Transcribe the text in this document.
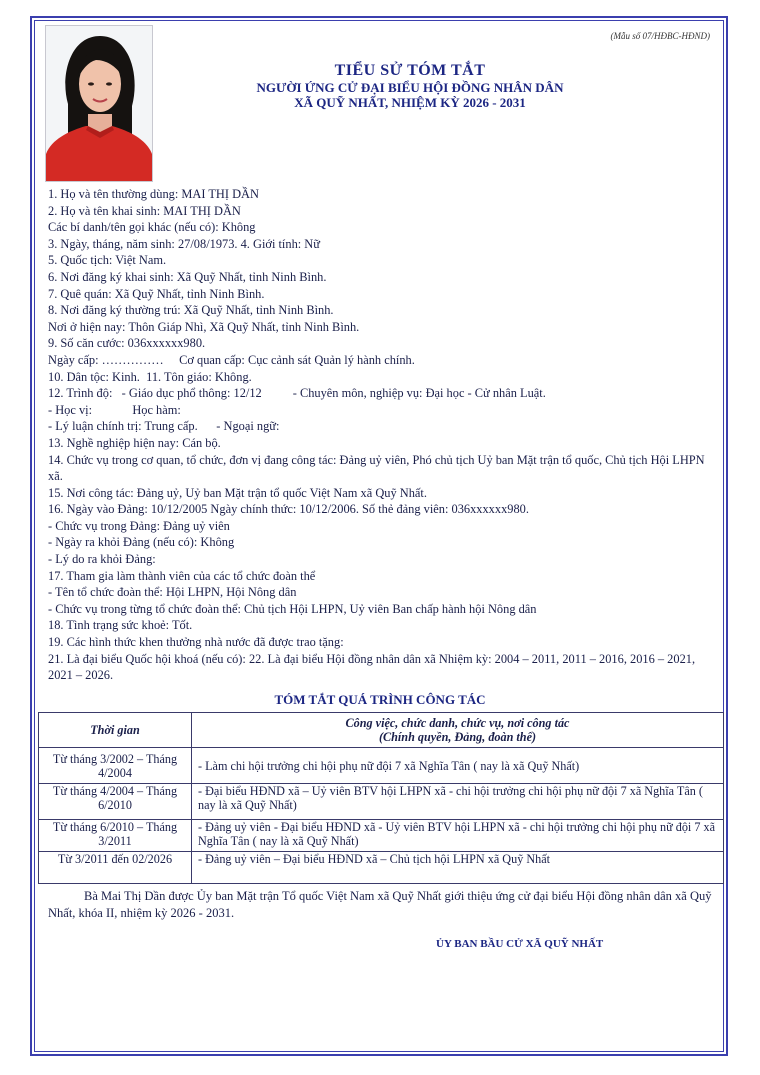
(Mẫu số 07/HĐBC-HĐND)
TIỂU SỬ TÓM TẮT
NGƯỜI ỨNG CỬ ĐẠI BIỂU HỘI ĐỒNG NHÂN DÂN
XÃ QUỸ NHẤT, NHIỆM KỲ 2026 - 2031

1. Họ và tên thường dùng: MAI THỊ DẦN

2. Họ và tên khai sinh: MAI THỊ DẦN

Các bí danh/tên gọi khác (nếu có): Không

3. Ngày, tháng, năm sinh: 27/08/1973. 4. Giới tính: Nữ

5. Quốc tịch: Việt Nam.

6. Nơi đăng ký khai sinh: Xã Quỹ Nhất, tỉnh Ninh Bình.

7. Quê quán: Xã Quỹ Nhất, tỉnh Ninh Bình.

8. Nơi đăng ký thường trú: Xã Quỹ Nhất, tỉnh Ninh Bình.

Nơi ở hiện nay: Thôn Giáp Nhì, Xã Quỹ Nhất, tỉnh Ninh Bình.

9. Số căn cước: 036xxxxxx980.

Ngày cấp: ……………     Cơ quan cấp: Cục cảnh sát Quản lý hành chính.

10. Dân tộc: Kinh.  11. Tôn giáo: Không.

12. Trình độ:   - Giáo dục phổ thông: 12/12          - Chuyên môn, nghiệp vụ: Đại học - Cử nhân Luật.

- Học vị:             Học hàm:

- Lý luận chính trị: Trung cấp.      - Ngoại ngữ:

13. Nghề nghiệp hiện nay: Cán bộ.

14. Chức vụ trong cơ quan, tổ chức, đơn vị đang công tác: Đảng uỷ viên, Phó chủ tịch Uỷ ban Mặt trận tổ quốc, Chủ tịch Hội LHPN xã.

15. Nơi công tác: Đảng uỷ, Uỷ ban Mặt trận tổ quốc Việt Nam xã Quỹ Nhất.

16. Ngày vào Đảng: 10/12/2005 Ngày chính thức: 10/12/2006. Số thẻ đảng viên: 036xxxxxx980.

- Chức vụ trong Đảng: Đảng uỷ viên

- Ngày ra khỏi Đảng (nếu có): Không

- Lý do ra khỏi Đảng:

17. Tham gia làm thành viên của các tổ chức đoàn thể

- Tên tổ chức đoàn thể: Hội LHPN, Hội Nông dân

- Chức vụ trong từng tổ chức đoàn thể: Chủ tịch Hội LHPN, Uỷ viên Ban chấp hành hội Nông dân

18. Tình trạng sức khoẻ: Tốt.

19. Các hình thức khen thưởng nhà nước đã được trao tặng:

21. Là đại biểu Quốc hội khoá (nếu có): 22. Là đại biểu Hội đồng nhân dân xã Nhiệm kỳ: 2004 – 2011, 2011 – 2016, 2016 – 2021, 2021 – 2026.

TÓM TẮT QUÁ TRÌNH CÔNG TÁC
Thời gian	Công việc, chức danh, chức vụ, nơi công tác
(Chính quyền, Đảng, đoàn thể)

Từ tháng 3/2002 – Tháng 4/2004	- Làm chi hội trưởng chi hội phụ nữ đội 7 xã Nghĩa Tân ( nay là xã Quỹ Nhất)
Từ tháng 4/2004 – Tháng 6/2010	- Đại biểu HĐND xã – Uỷ viên BTV hội LHPN xã - chi hội trưởng chi hội phụ nữ đội 7 xã Nghĩa Tân ( nay là xã Quỹ Nhất)
Từ tháng 6/2010 – Tháng 3/2011	- Đảng uỷ viên - Đại biểu HĐND xã - Uỷ viên BTV hội LHPN xã - chi hội trưởng chi hội phụ nữ đội 7 xã Nghĩa Tân ( nay là xã Quỹ Nhất)
Từ 3/2011 đến 02/2026	- Đảng uỷ viên – Đại biểu HĐND xã – Chủ tịch hội LHPN xã Quỹ Nhất
Bà Mai Thị Dần được Ủy ban Mặt trận Tổ quốc Việt Nam xã Quỹ Nhất giới thiệu ứng cử đại biểu Hội đồng nhân dân xã Quỹ Nhất, khóa II, nhiệm kỳ 2026 - 2031.
ỦY BAN BẦU CỬ XÃ QUỸ NHẤT
